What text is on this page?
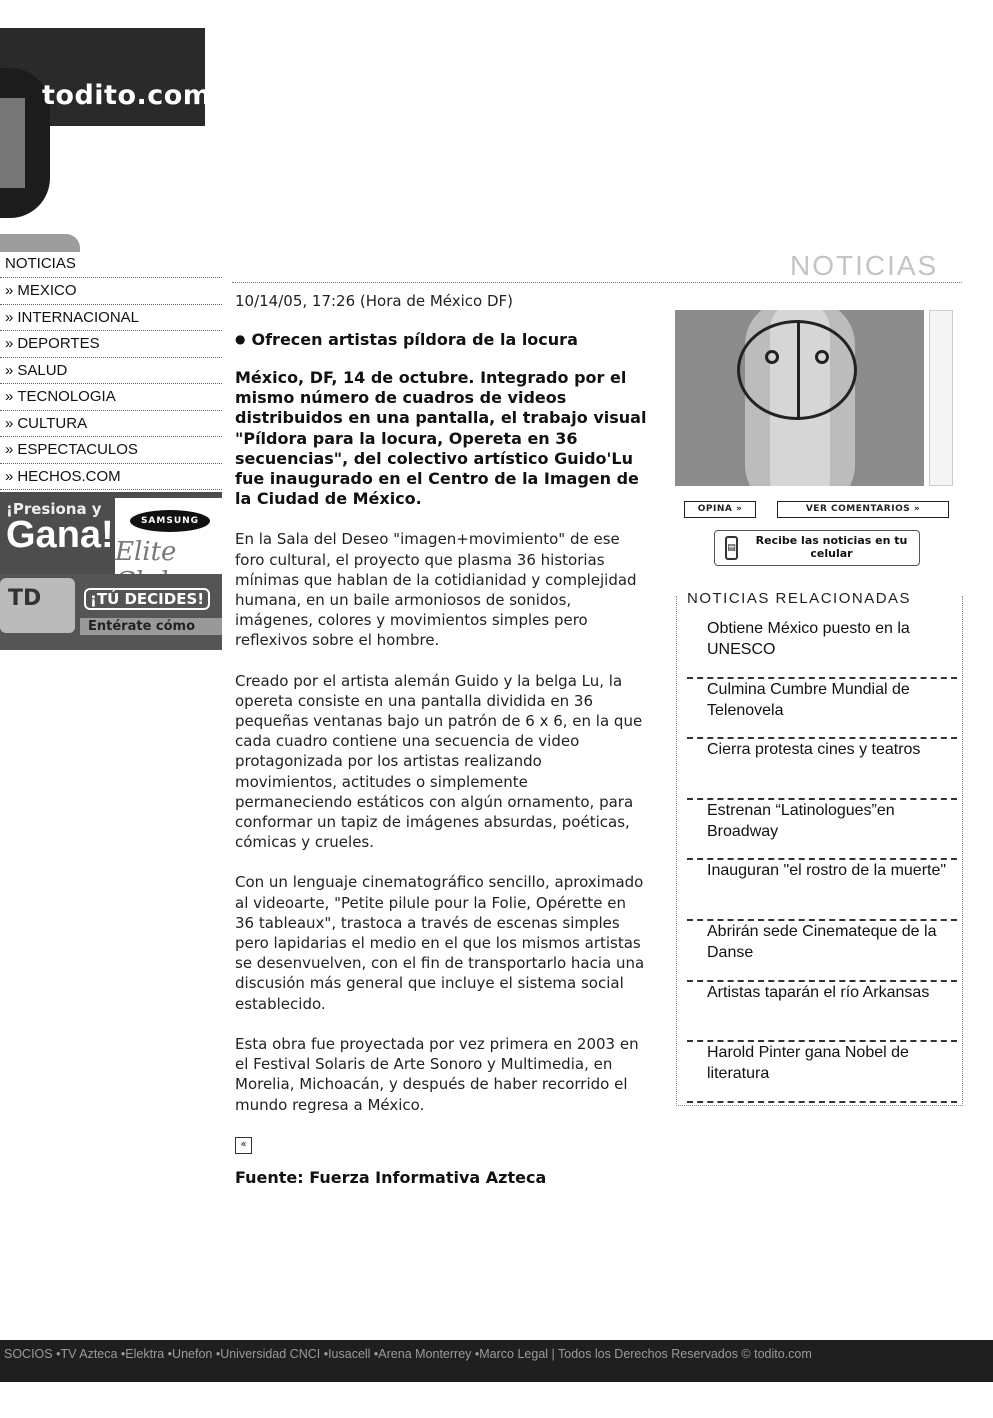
todito.com
NOTICIAS
» MEXICO
» INTERNACIONAL
» DEPORTES
» SALUD
» TECNOLOGIA
» CULTURA
» ESPECTACULOS
» HECHOS.COM
¡Presiona y
Gana!	SAMSUNG
Elite
TD	¡TÚ DECIDES!
Entérate cómo
NOTICIAS
10/14/05, 17:26 (Hora de México DF)
● Ofrecen artistas píldora de la locura

México, DF, 14 de octubre. Integrado por el mismo número de cuadros de videos distribuidos en una pantalla, el trabajo visual "Píldora para la locura, Opereta en 36 secuencias", del colectivo artístico Guido'Lu fue inaugurado en el Centro de la Imagen de la Ciudad de México.

En la Sala del Deseo "imagen+movimiento" de ese foro cultural, el proyecto que plasma 36 historias mínimas que hablan de la cotidianidad y complejidad humana, en un baile armoniosos de sonidos, imágenes, colores y movimientos simples pero reflexivos sobre el hombre.

Creado por el artista alemán Guido y la belga Lu, la opereta consiste en una pantalla dividida en 36 pequeñas ventanas bajo un patrón de 6 x 6, en la que cada cuadro contiene una secuencia de video protagonizada por los artistas realizando movimientos, actitudes o simplemente permaneciendo estáticos con algún ornamento, para conformar un tapiz de imágenes absurdas, poéticas, cómicas y crueles.

Con un lenguaje cinematográfico sencillo, aproximado al videoarte, "Petite pilule pour la Folie, Opérette en 36 tableaux", trastoca a través de escenas simples pero lapidarias el medio en el que los mismos artistas se desenvuelven, con el fin de transportarlo hacia una discusión más general que incluye el sistema social establecido.

Esta obra fue proyectada por vez primera en 2003 en el Festival Solaris de Arte Sonoro y Multimedia, en Morelia, Michoacán, y después de haber recorrido el mundo regresa a México.

«
Fuente: Fuerza Informativa Azteca
OPINA »	VER COMENTARIOS »
▤
Recibe las noticias en tu celular
NOTICIAS RELACIONADAS
Obtiene México puesto en la UNESCO
Culmina Cumbre Mundial de Telenovela
Cierra protesta cines y teatros
Estrenan “Latinologues”en Broadway
Inauguran "el rostro de la muerte"
Abrirán sede Cinemateque de la Danse
Artistas taparán el río Arkansas
Harold Pinter gana Nobel de literatura
SOCIOS •TV Azteca •Elektra •Unefon •Universidad CNCI •Iusacell •Arena Monterrey •Marco Legal | Todos los Derechos Reservados © todito.com
